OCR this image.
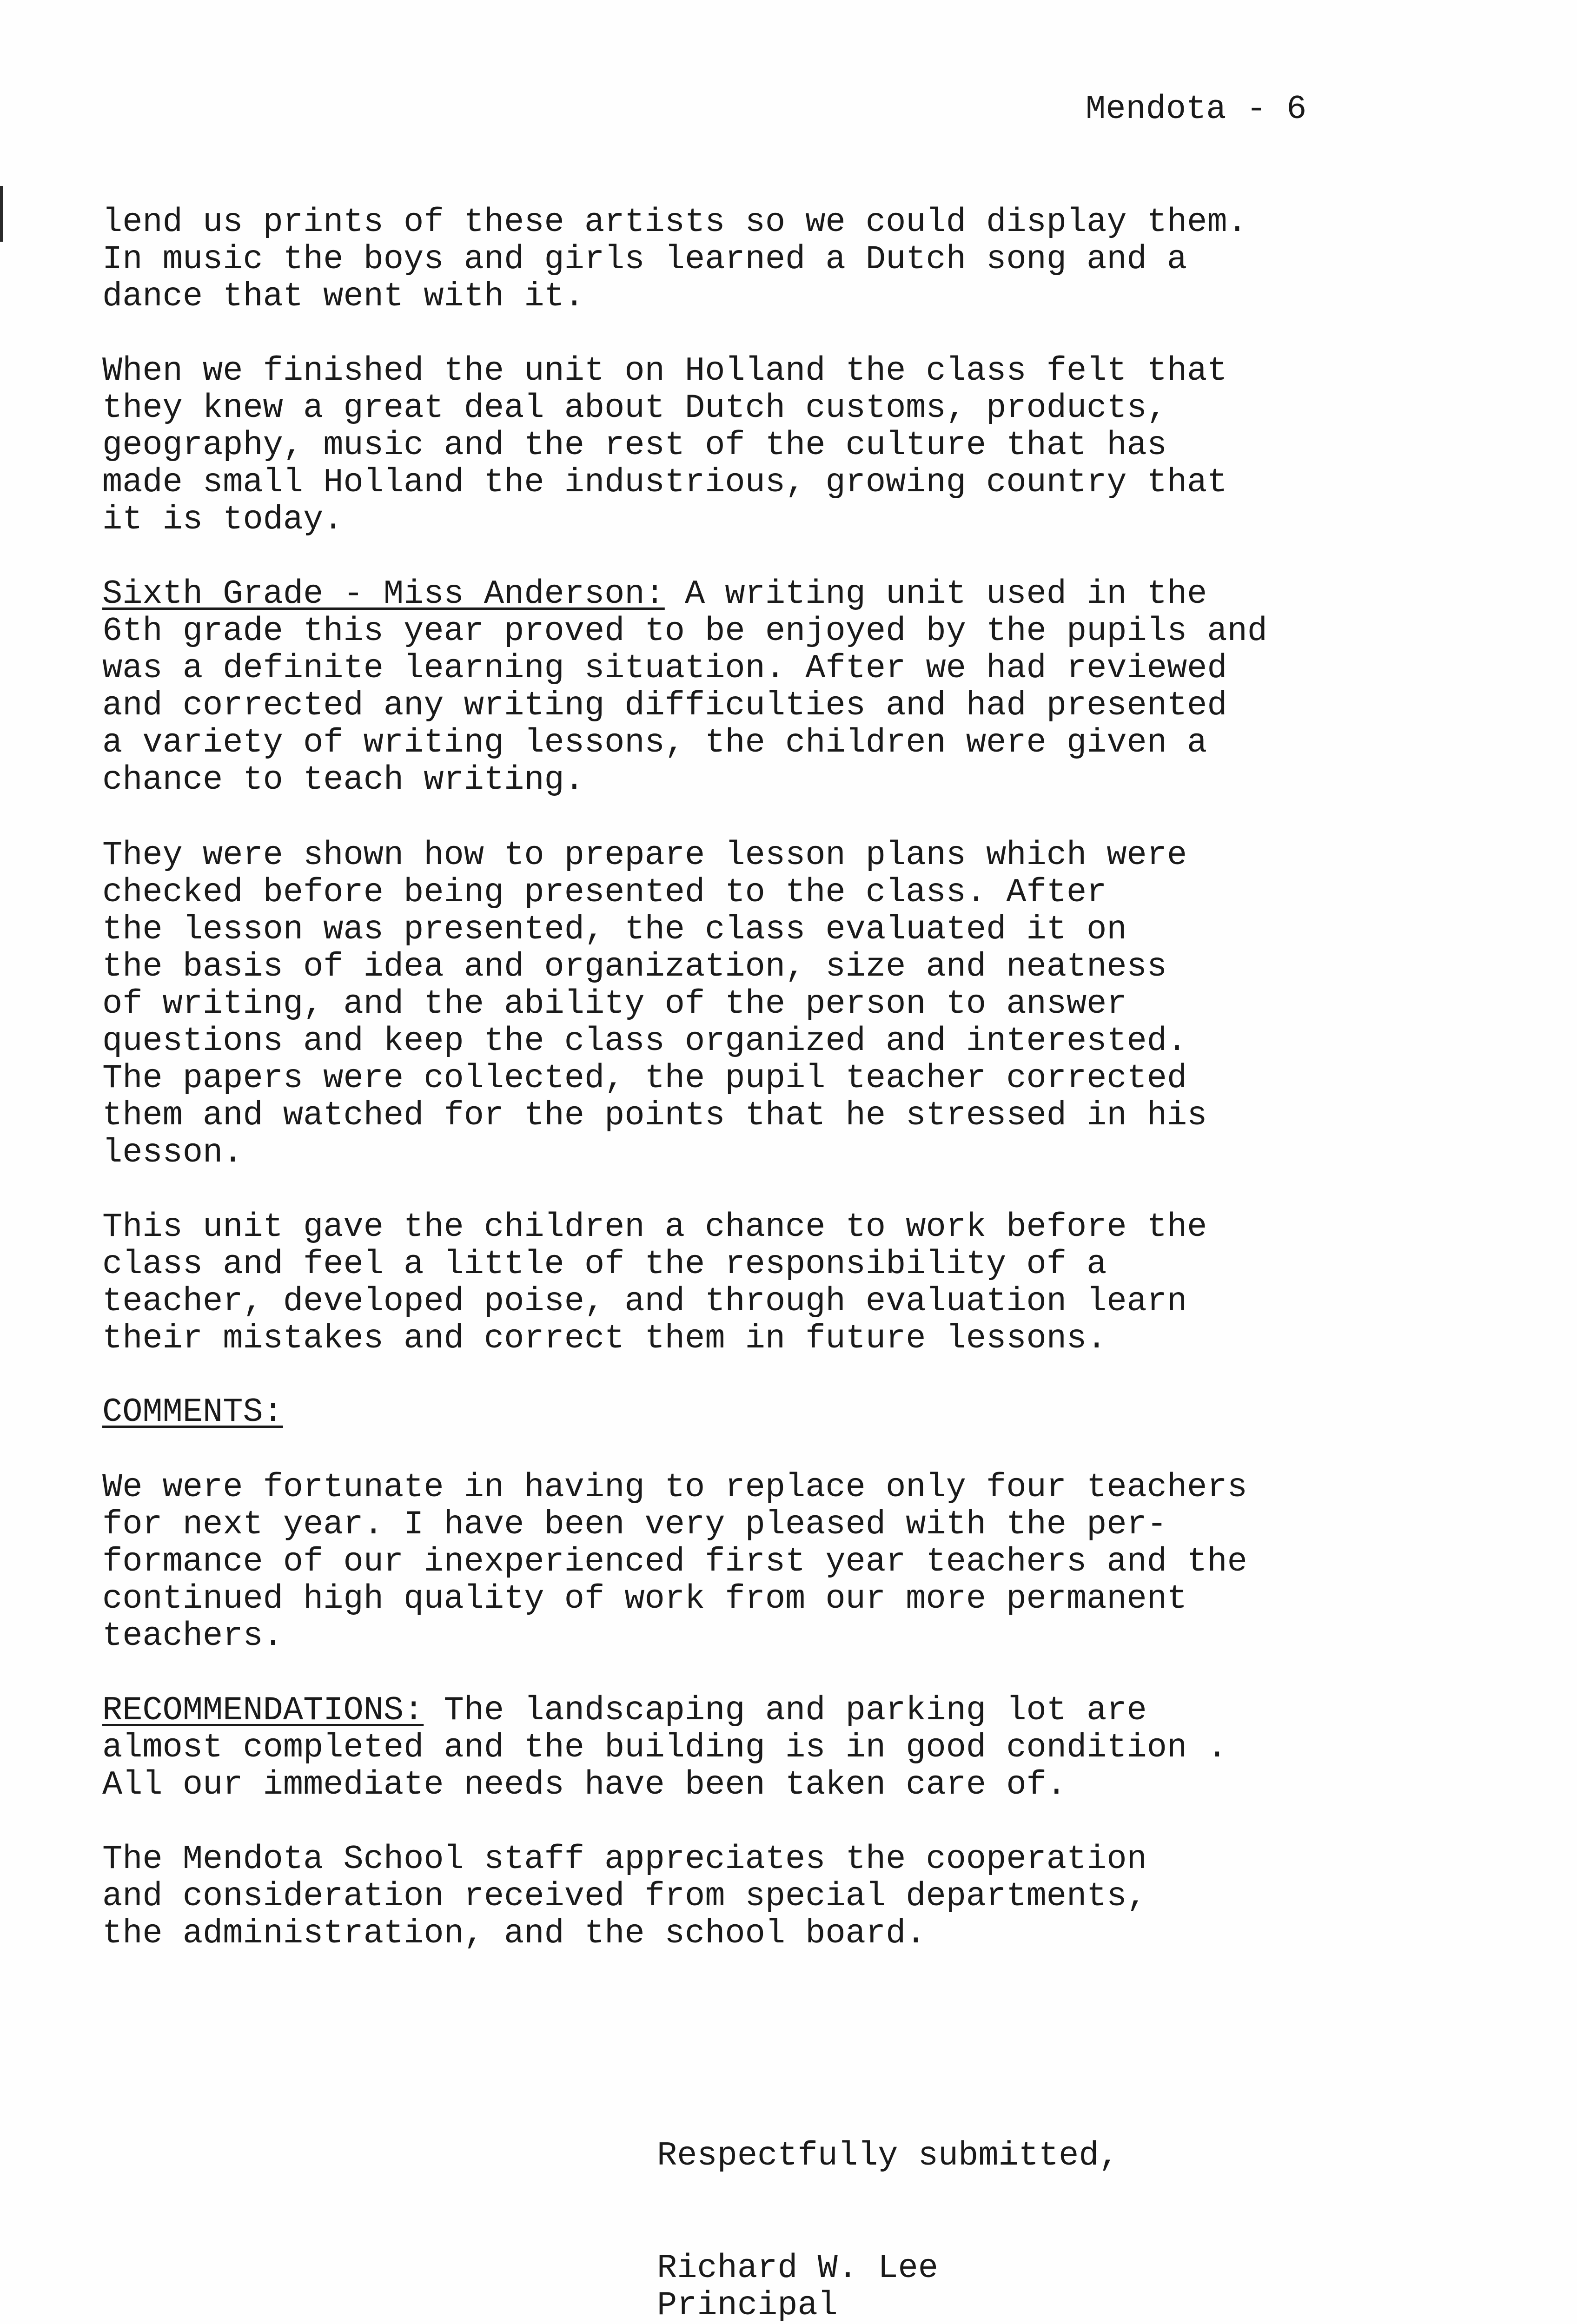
Mendota - 6
lend us prints of these artists so we could display them.
In music the boys and girls learned a Dutch song and a
dance that went with it.
When we finished the unit on Holland the class felt that
they knew a great deal about Dutch customs, products,
geography, music and the rest of the culture that has
made small Holland the industrious, growing country that
it is today.
Sixth Grade - Miss Anderson: A writing unit used in the
6th grade this year proved to be enjoyed by the pupils and
was a definite learning situation. After we had reviewed
and corrected any writing difficulties and had presented
a variety of writing lessons, the children were given a
chance to teach writing.
They were shown how to prepare lesson plans which were
checked before being presented to the class. After
the lesson was presented, the class evaluated it on
the basis of idea and organization, size and neatness
of writing, and the ability of the person to answer
questions and keep the class organized and interested.
The papers were collected, the pupil teacher corrected
them and watched for the points that he stressed in his
lesson.
This unit gave the children a chance to work before the
class and feel a little of the responsibility of a
teacher, developed poise, and through evaluation learn
their mistakes and correct them in future lessons.
COMMENTS:
We were fortunate in having to replace only four teachers
for next year. I have been very pleased with the per-
formance of our inexperienced first year teachers and the
continued high quality of work from our more permanent
teachers.
RECOMMENDATIONS: The landscaping and parking lot are
almost completed and the building is in good condition .
All our immediate needs have been taken care of.
The Mendota School staff appreciates the cooperation
and consideration received from special departments,
the administration, and the school board.
Respectfully submitted,
Richard W. Lee
Principal
